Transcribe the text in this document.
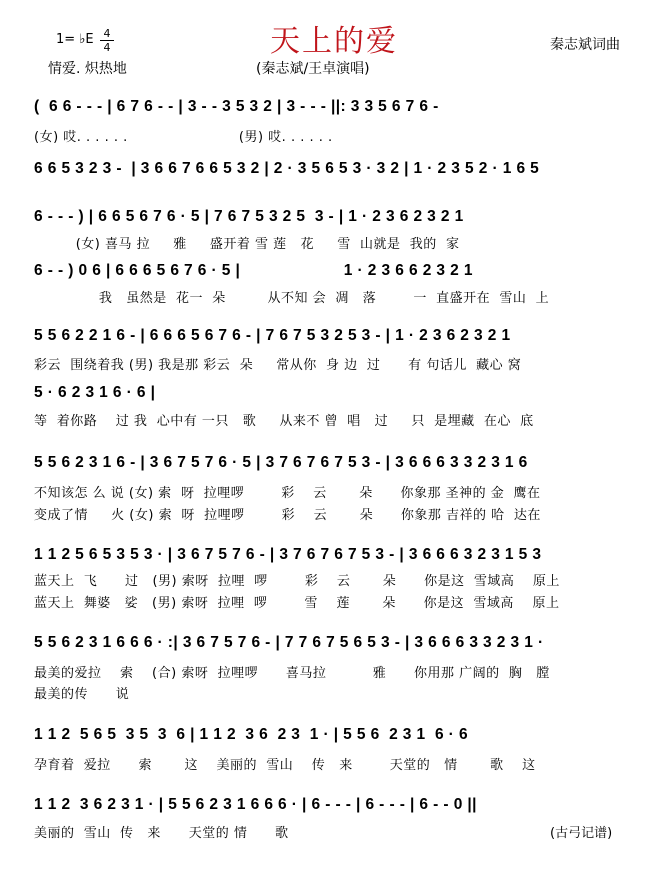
天上的爱
1= ♭E 4
4
情爱. 炽热地	(秦志斌/王卓演唱)
秦志斌词曲
(  6 6 - - - | 6 7 6 - - | 3 - - 3 5 3 2 | 3 - - - ||: 3 3 5 6 7 6 -
(女) 哎. . . . . .                        (男) 哎. . . . . .
6 6 5 3 2 3 -  | 3 6 6 7 6 6 5 3 2 | 2 · 3 5 6 5 3 · 3 2 | 1 · 2 3 5 2 · 1 6 5
6 - - - ) | 6 6 5 6 7 6 · 5 | 7 6 7 5 3 2 5  3 - | 1 · 2 3 6 2 3 2 1
(女) 喜马 拉     雅     盛开着 雪 莲   花     雪  山就是  我的  家
6 - - ) 0 6 | 6 6 6 5 6 7 6 · 5 |                      1 · 2 3 6 6 2 3 2 1
我   虽然是  花一  朵         从不知 会  凋   落        一  直盛开在  雪山  上
5 5 6 2 2 1 6 - | 6 6 6 5 6 7 6 - | 7 6 7 5 3 2 5 3 - | 1 · 2 3 6 2 3 2 1
彩云  围绕着我 (男) 我是那 彩云  朵     常从你  身 边  过      有 句话儿  藏心 窝
5 · 6 2 3 1 6 · 6 |
等  着你路    过 我  心中有 一只   歌     从来不 曾  唱   过     只  是埋藏  在心  底
5 5 6 2 3 1 6 - | 3 6 7 5 7 6 · 5 | 3 7 6 7 6 7 5 3 - | 3 6 6 6 3 3 2 3 1 6
不知该怎 么 说 (女) 索  呀  拉哩啰        彩    云       朵      你象那 圣神的 金  鹰在
变成了情     火 (女) 索  呀  拉哩啰        彩    云       朵      你象那 吉祥的 哈  达在
1 1 2 5 6 5 3 5 3 · | 3 6 7 5 7 6 - | 3 7 6 7 6 7 5 3 - | 3 6 6 6 3 2 3 1 5 3
蓝天上  飞      过   (男) 索呀  拉哩  啰        彩    云       朵      你是这  雪域高    原上
蓝天上  舞婆   娑   (男) 索呀  拉哩  啰        雪    莲       朵      你是这  雪域高    原上
5 5 6 2 3 1 6 6 6 · :| 3 6 7 5 7 6 - | 7 7 6 7 5 6 5 3 - | 3 6 6 6 3 3 2 3 1 ·
最美的爱拉    索    (合) 索呀  拉哩啰      喜马拉          雅      你用那 广阔的  胸   膛
最美的传      说
1 1 2  5 6 5  3 5  3  6 | 1 1 2  3 6  2 3  1 · | 5 5 6  2 3 1  6 · 6
孕育着  爱拉      索       这    美丽的  雪山    传   来        天堂的   情       歌    这
1 1 2  3 6 2 3 1 · | 5 5 6 2 3 1 6 6 6 · | 6 - - - | 6 - - - | 6 - - 0 ||
美丽的  雪山  传   来      天堂的 情      歌	(古弓记谱)
